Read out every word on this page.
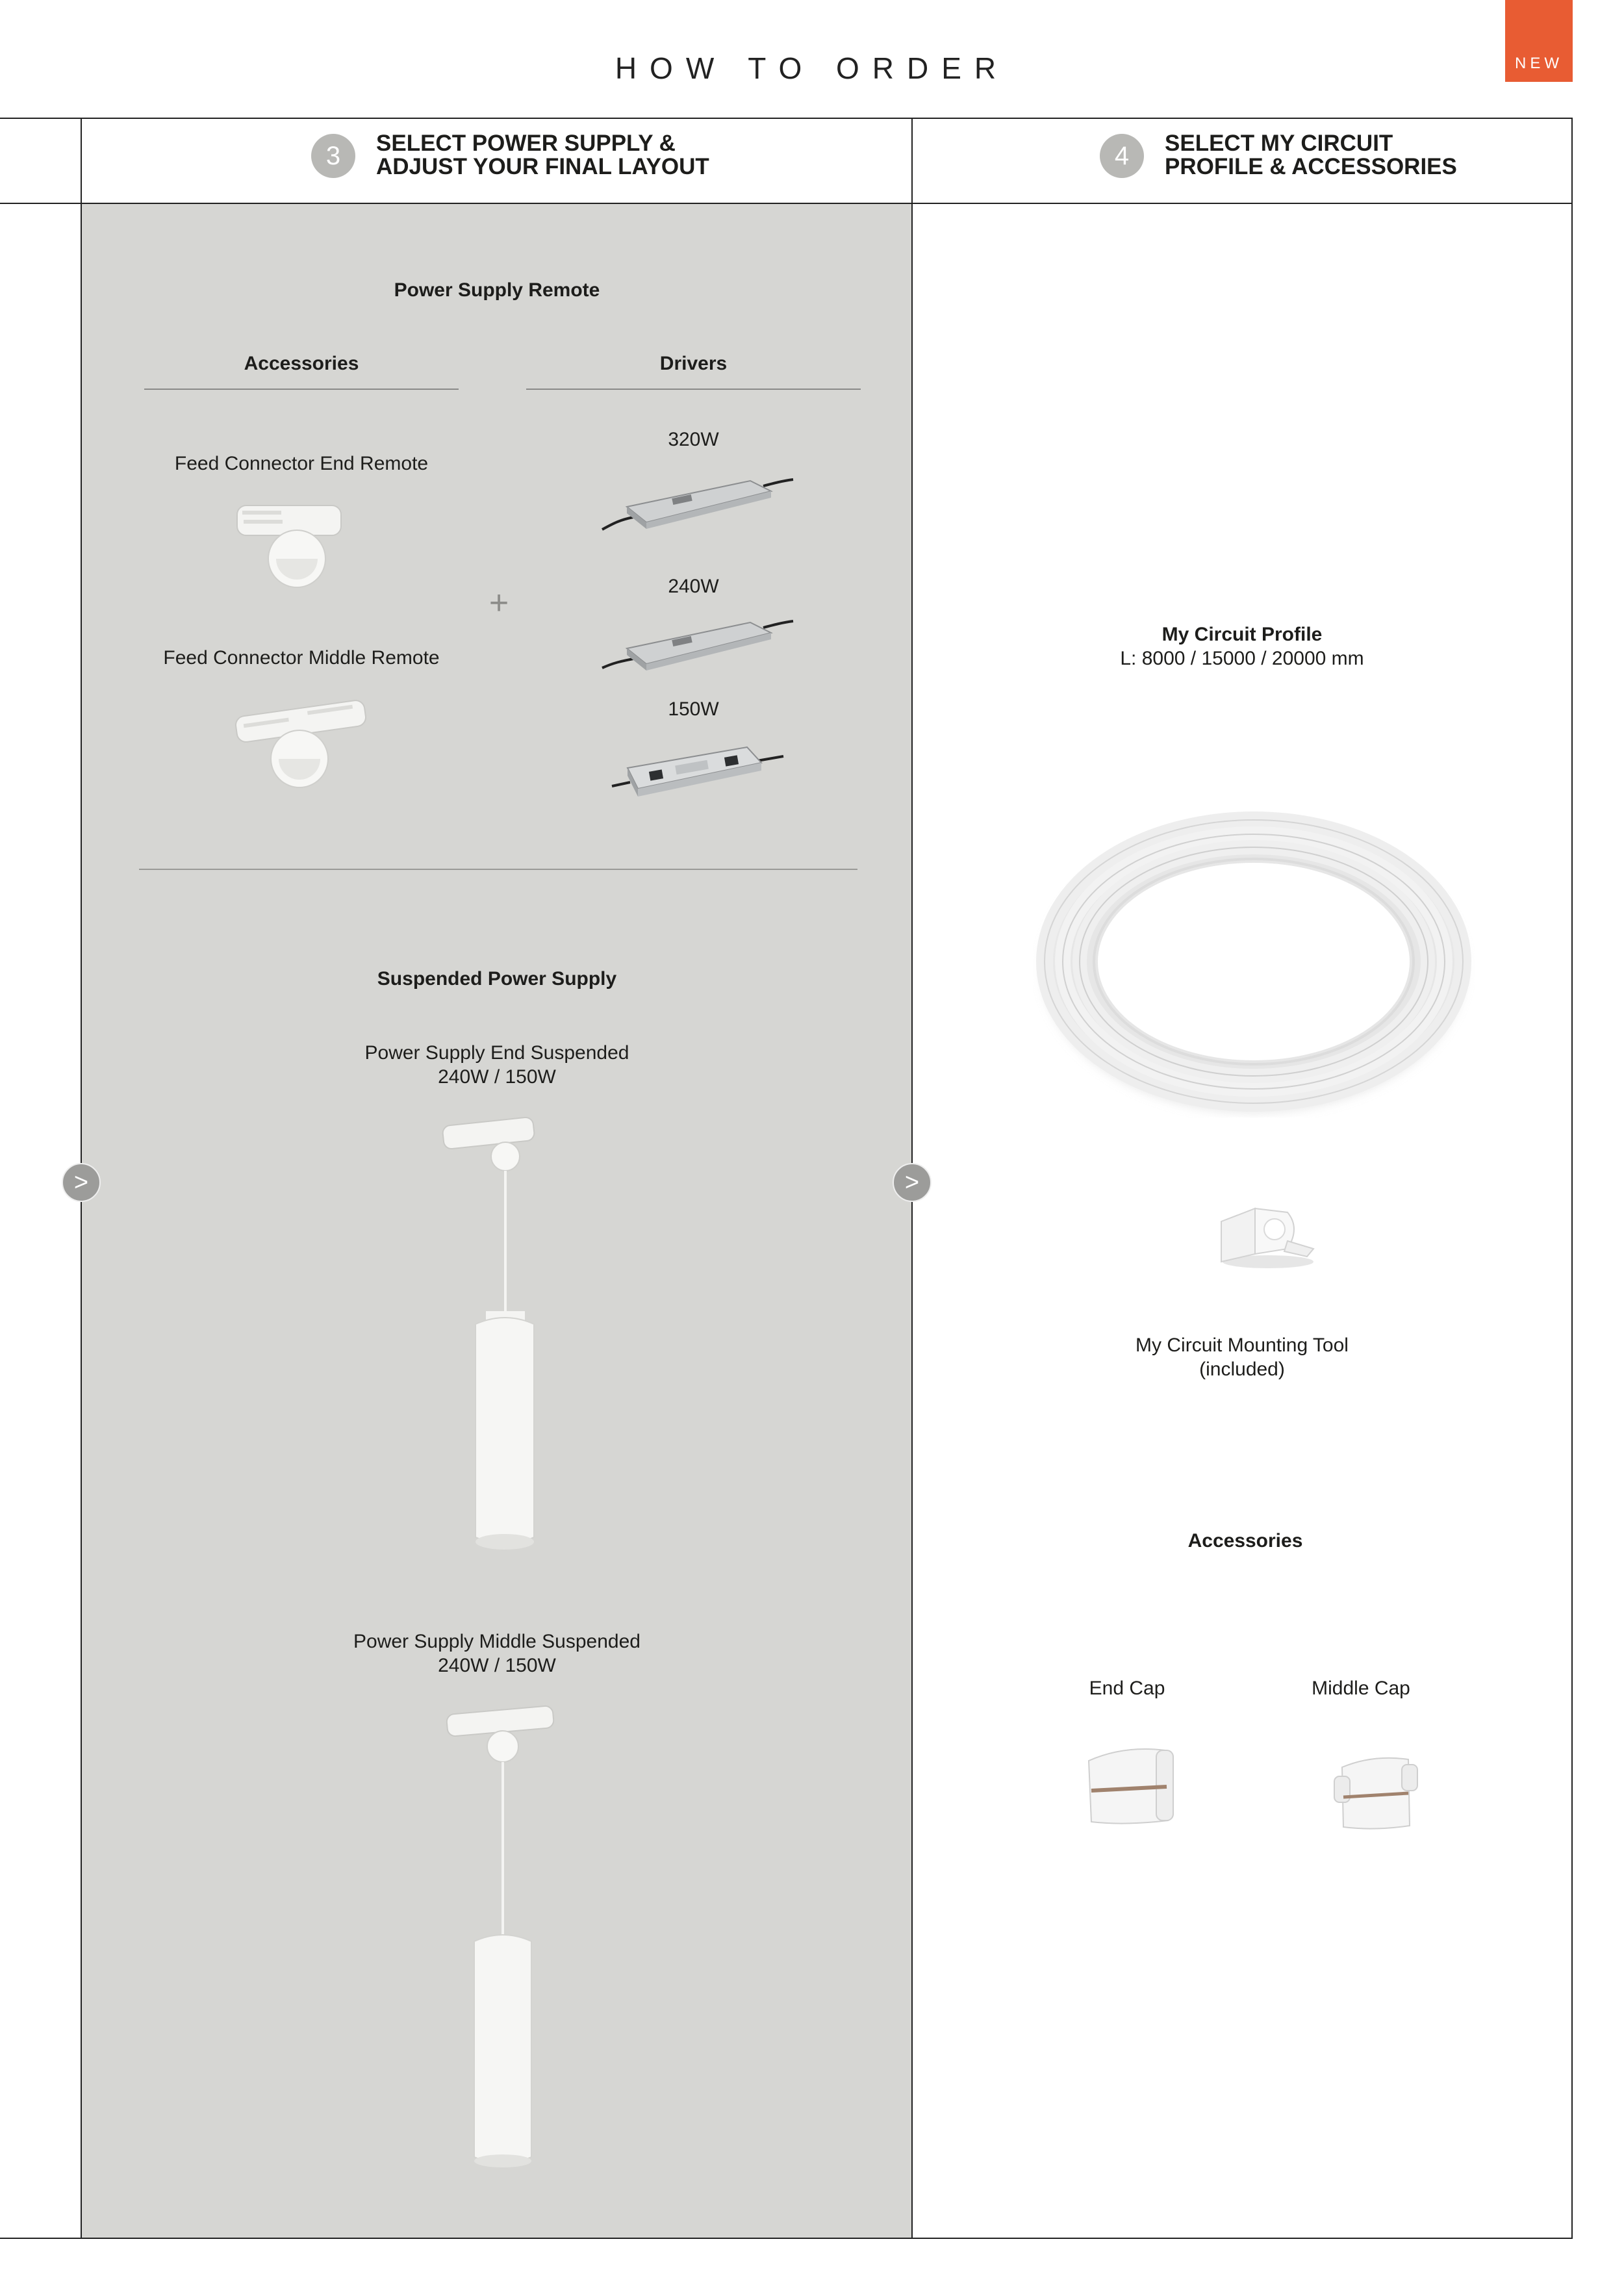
HOW TO ORDER	NEW
3	SELECT POWER SUPPLY &
ADJUST YOUR FINAL LAYOUT	4	SELECT MY CIRCUIT
PROFILE & ACCESSORIES
Power Supply Remote
Accessories	Drivers
Feed Connector End Remote
Feed Connector Middle Remote
+
320W
240W
150W
Suspended Power Supply
Power Supply End Suspended
240W / 150W
Power Supply Middle Suspended
240W / 150W
My Circuit Profile
L: 8000 / 15000 / 20000 mm
My Circuit Mounting Tool
(included)
Accessories
End Cap	Middle Cap
>	>
